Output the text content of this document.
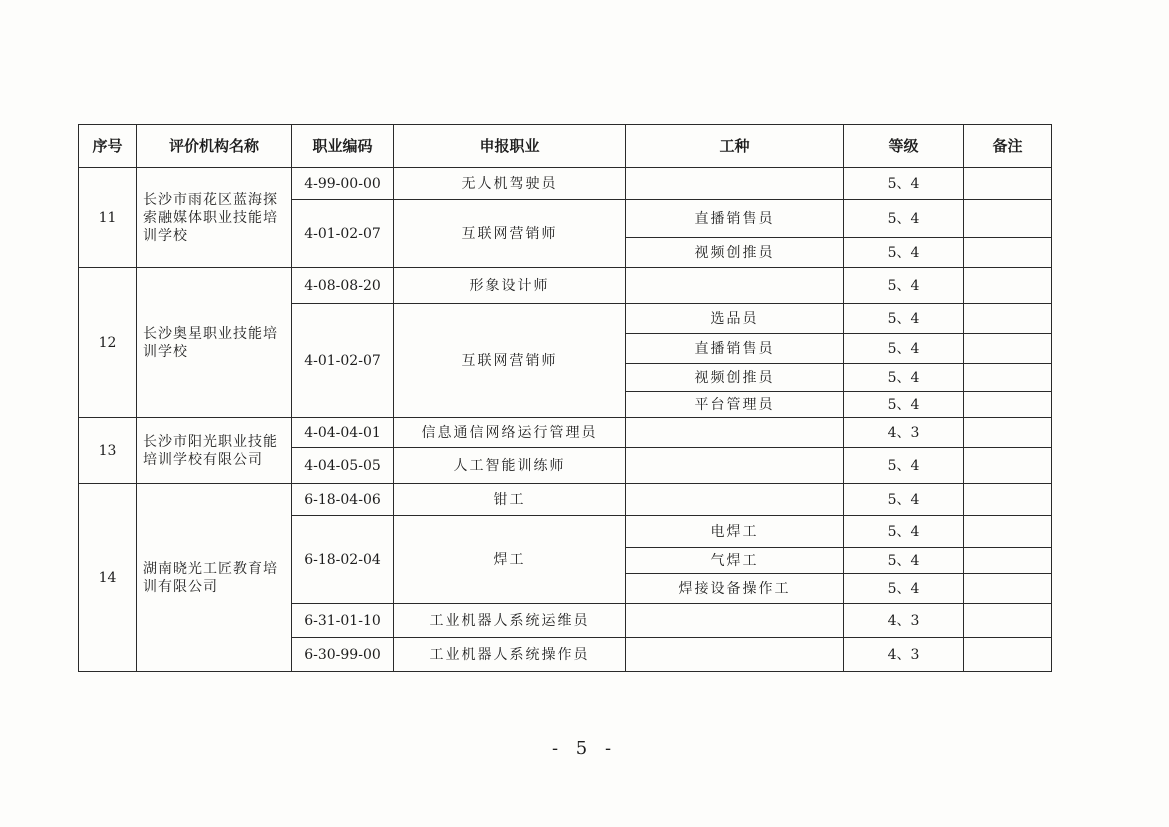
序号	评价机构名称	职业编码	申报职业	工种	等级	备注
11	长沙市雨花区蓝海探索融媒体职业技能培训学校	4-99-00-00	无人机驾驶员		5、4	
		4-01-02-07	互联网营销师	直播销售员	5、4	
				视频创推员	5、4	
12	长沙奥星职业技能培训学校	4-08-08-20	形象设计师		5、4	
		4-01-02-07	互联网营销师	选品员	5、4	
				直播销售员	5、4	
				视频创推员	5、4	
				平台管理员	5、4	
13	长沙市阳光职业技能培训学校有限公司	4-04-04-01	信息通信网络运行管理员		4、3	
		4-04-05-05	人工智能训练师		5、4	
14	湖南晓光工匠教育培训有限公司	6-18-04-06	钳工		5、4	
		6-18-02-04	焊工	电焊工	5、4	
				气焊工	5、4	
				焊接设备操作工	5、4	
		6-31-01-10	工业机器人系统运维员		4、3	
		6-30-99-00	工业机器人系统操作员		4、3	
- 5 -
